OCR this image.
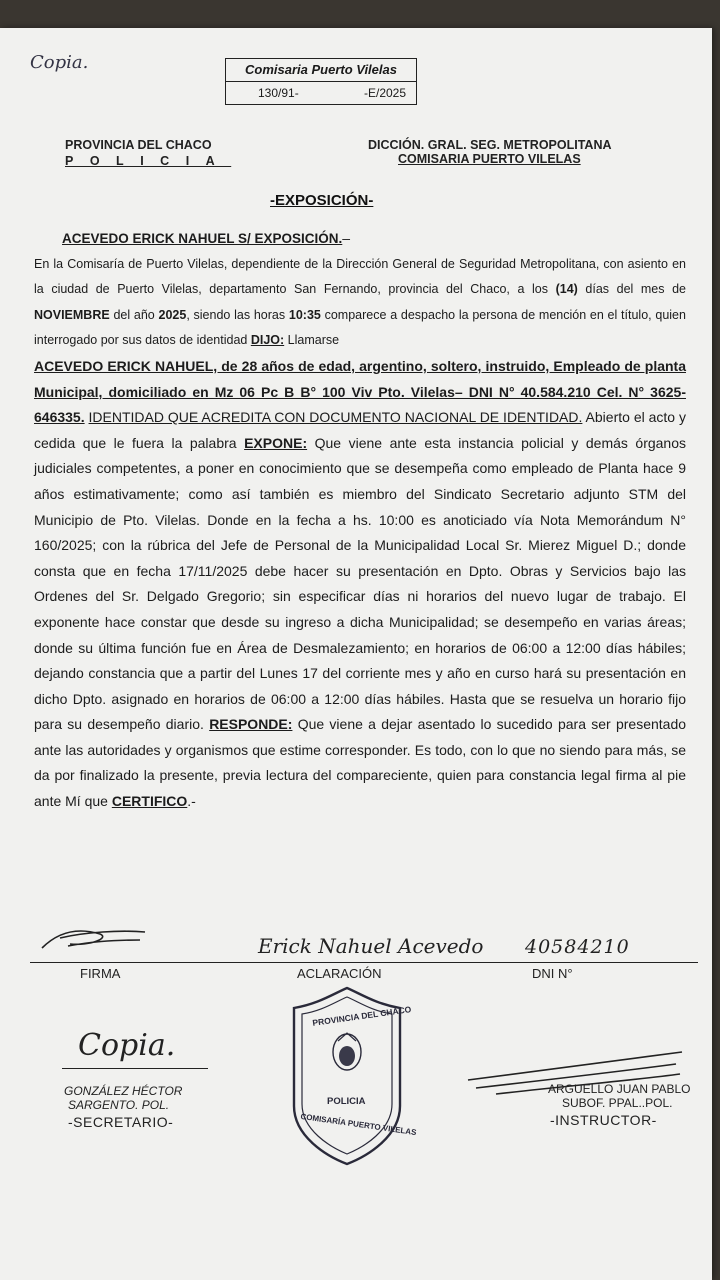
Copia.	Comisaria Puerto Vilelas
130/91-	-E/2025
PROVINCIA DEL CHACO
POLICIA
DICCIÓN. GRAL. SEG. METROPOLITANA
COMISARIA PUERTO VILELAS
-EXPOSICIÓN-
ACEVEDO ERICK NAHUEL S/ EXPOSICIÓN.–
En la Comisaría de Puerto Vilelas, dependiente de la Dirección General de Seguridad Metropolitana, con asiento en la ciudad de Puerto Vilelas, departamento San Fernando, provincia del Chaco, a los (14) días del mes de NOVIEMBRE del año 2025, siendo las horas 10:35 comparece a despacho la persona de mención en el título, quien interrogado por sus datos de identidad DIJO: Llamarse
ACEVEDO ERICK NAHUEL, de 28 años de edad, argentino, soltero, instruido, Empleado de planta Municipal, domiciliado en Mz 06 Pc B B° 100 Viv Pto. Vilelas– DNI N° 40.584.210 Cel. N° 3625-646335. IDENTIDAD QUE ACREDITA CON DOCUMENTO NACIONAL DE IDENTIDAD. Abierto el acto y cedida que le fuera la palabra EXPONE: Que viene ante esta instancia policial y demás órganos judiciales competentes, a poner en conocimiento que se desempeña como empleado de Planta hace 9 años estimativamente; como así también es miembro del Sindicato Secretario adjunto STM del Municipio de Pto. Vilelas. Donde en la fecha a hs. 10:00 es anoticiado vía Nota Memorándum N° 160/2025; con la rúbrica del Jefe de Personal de la Municipalidad Local Sr. Mierez Miguel D.; donde consta que en fecha 17/11/2025 debe hacer su presentación en Dpto. Obras y Servicios bajo las Ordenes del Sr. Delgado Gregorio; sin especificar días ni horarios del nuevo lugar de trabajo. El exponente hace constar que desde su ingreso a dicha Municipalidad; se desempeño en varias áreas; donde su última función fue en Área de Desmalezamiento; en horarios de 06:00 a 12:00 días hábiles; dejando constancia que a partir del Lunes 17 del corriente mes y año en curso hará su presentación en dicho Dpto. asignado en horarios de 06:00 a 12:00 días hábiles. Hasta que se resuelva un horario fijo para su desempeño diario. RESPONDE: Que viene a dejar asentado lo sucedido para ser presentado ante las autoridades y organismos que estime corresponder. Es todo, con lo que no siendo para más, se da por finalizado la presente, previa lectura del compareciente, quien para constancia legal firma al pie ante Mí que CERTIFICO.-
Erick Nahuel Acevedo 40584210
FIRMA	ACLARACIÓN	DNI N°
PROVINCIA DEL CHACO
POLICIA
COMISARÍA PUERTO VILELAS
Copia.
GONZÁLEZ HÉCTOR
SARGENTO. POL.
-SECRETARIO-
ARGUELLO JUAN PABLO
SUBOF. PPAL..POL.
-INSTRUCTOR-
